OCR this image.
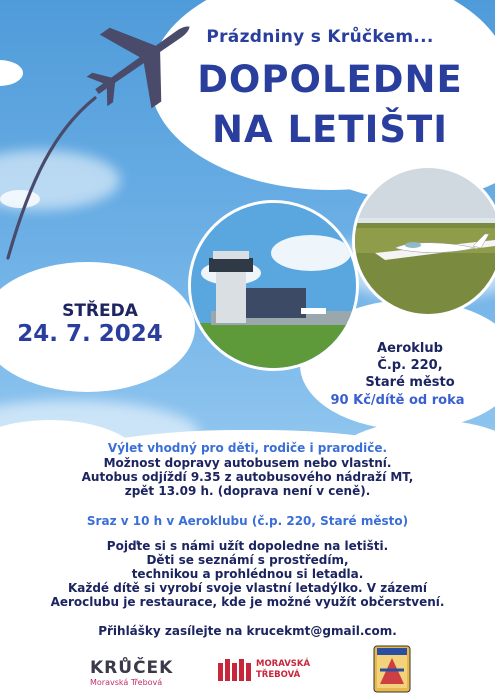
Prázdniny s Krůčkem...

DOPOLEDNE

NA LETIŠTI

STŘEDA

24. 7. 2024

Aeroklub

Č.p. 220,

Staré město

90 Kč/dítě od roka

Výlet vhodný pro děti, rodiče i prarodiče.

Možnost dopravy autobusem nebo vlastní.

Autobus odjíždí 9.35 z autobusového nádraží MT,

zpět 13.09 h. (doprava není v ceně).

Sraz v 10 h v Aeroklubu (č.p. 220, Staré město)

Pojďte si s námi užít dopoledne na letišti.

Děti se seznámí s prostředím,

technikou a prohlédnou si letadla.

Každé dítě si vyrobí svoje vlastní letadýlko. V zázemí

Aeroclubu je restaurace, kde je možné využít občerstvení.

Přihlášky zasílejte na krucekmt@gmail.com.

KRŮČEK
Moravská Třebová
MORAVSKÁ
TŘEBOVÁ
